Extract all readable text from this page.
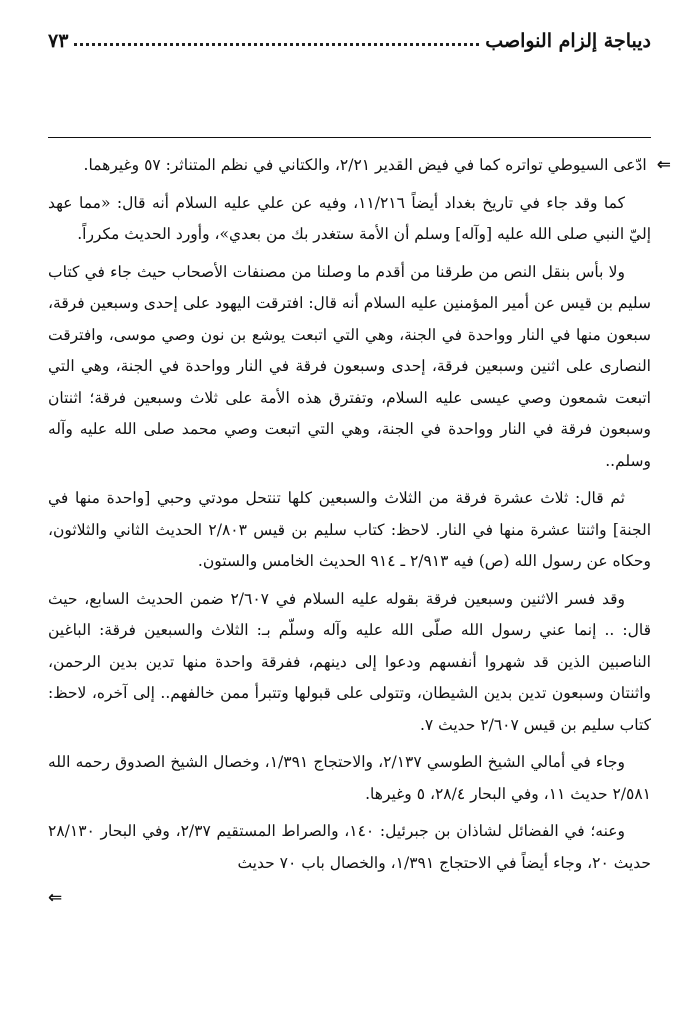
ديباجة إلزام النواصب
٧٣

⇐ادّعى السيوطي تواتره كما في فيض القدير ٢/٢١، والكتاني في نظم المتناثر: ٥٧ وغيرهما.

كما وقد جاء في تاريخ بغداد أيضاً ١١/٢١٦، وفيه عن علي عليه السلام أنه قال: «مما عهد إليّ النبي صلى الله عليه [وآله] وسلم أن الأمة ستغدر بك من بعدي»، وأورد الحديث مكرراً.

ولا بأس بنقل النص من طرقنا من أقدم ما وصلنا من مصنفات الأصحاب حيث جاء في كتاب سليم بن قيس عن أمير المؤمنين عليه السلام أنه قال: افترقت اليهود على إحدى وسبعين فرقة، سبعون منها في النار وواحدة في الجنة، وهي التي اتبعت يوشع بن نون وصي موسى، وافترقت النصارى على اثنين وسبعين فرقة، إحدى وسبعون فرقة في النار وواحدة في الجنة، وهي التي اتبعت شمعون وصي عيسى عليه السلام، وتفترق هذه الأمة على ثلاث وسبعين فرقة؛ اثنتان وسبعون فرقة في النار وواحدة في الجنة، وهي التي اتبعت وصي محمد صلى الله عليه وآله وسلم..

ثم قال: ثلاث عشرة فرقة من الثلاث والسبعين كلها تنتحل مودتي وحبي [واحدة منها في الجنة] واثنتا عشرة منها في النار. لاحظ: كتاب سليم بن قيس ٢/٨٠٣ الحديث الثاني والثلاثون، وحكاه عن رسول الله (ص) فيه ٢/٩١٣ ـ ٩١٤ الحديث الخامس والستون.

وقد فسر الاثنين وسبعين فرقة بقوله عليه السلام في ٢/٦٠٧ ضمن الحديث السابع، حيث قال: .. إنما عني رسول الله صلّى الله عليه وآله وسلّم بـ: الثلاث والسبعين فرقة: الباغين الناصبين الذين قد شهروا أنفسهم ودعوا إلى دينهم، ففرقة واحدة منها تدين بدين الرحمن، واثنتان وسبعون تدين بدين الشيطان، وتتولى على قبولها وتتبرأ ممن خالفهم.. إلى آخره، لاحظ: كتاب سليم بن قيس ٢/٦٠٧ حديث ٧.

وجاء في أمالي الشيخ الطوسي ٢/١٣٧، والاحتجاج ١/٣٩١، وخصال الشيخ الصدوق رحمه الله ٢/٥٨١ حديث ١١، وفي البحار ٢٨/٤، ٥ وغيرها.

وعنه؛ في الفضائل لشاذان بن جبرئيل: ١٤٠، والصراط المستقيم ٢/٣٧، وفي البحار ٢٨/١٣٠ حديث ٢٠، وجاء أيضاً في الاحتجاج ١/٣٩١، والخصال باب ٧٠ حديث

⇐
